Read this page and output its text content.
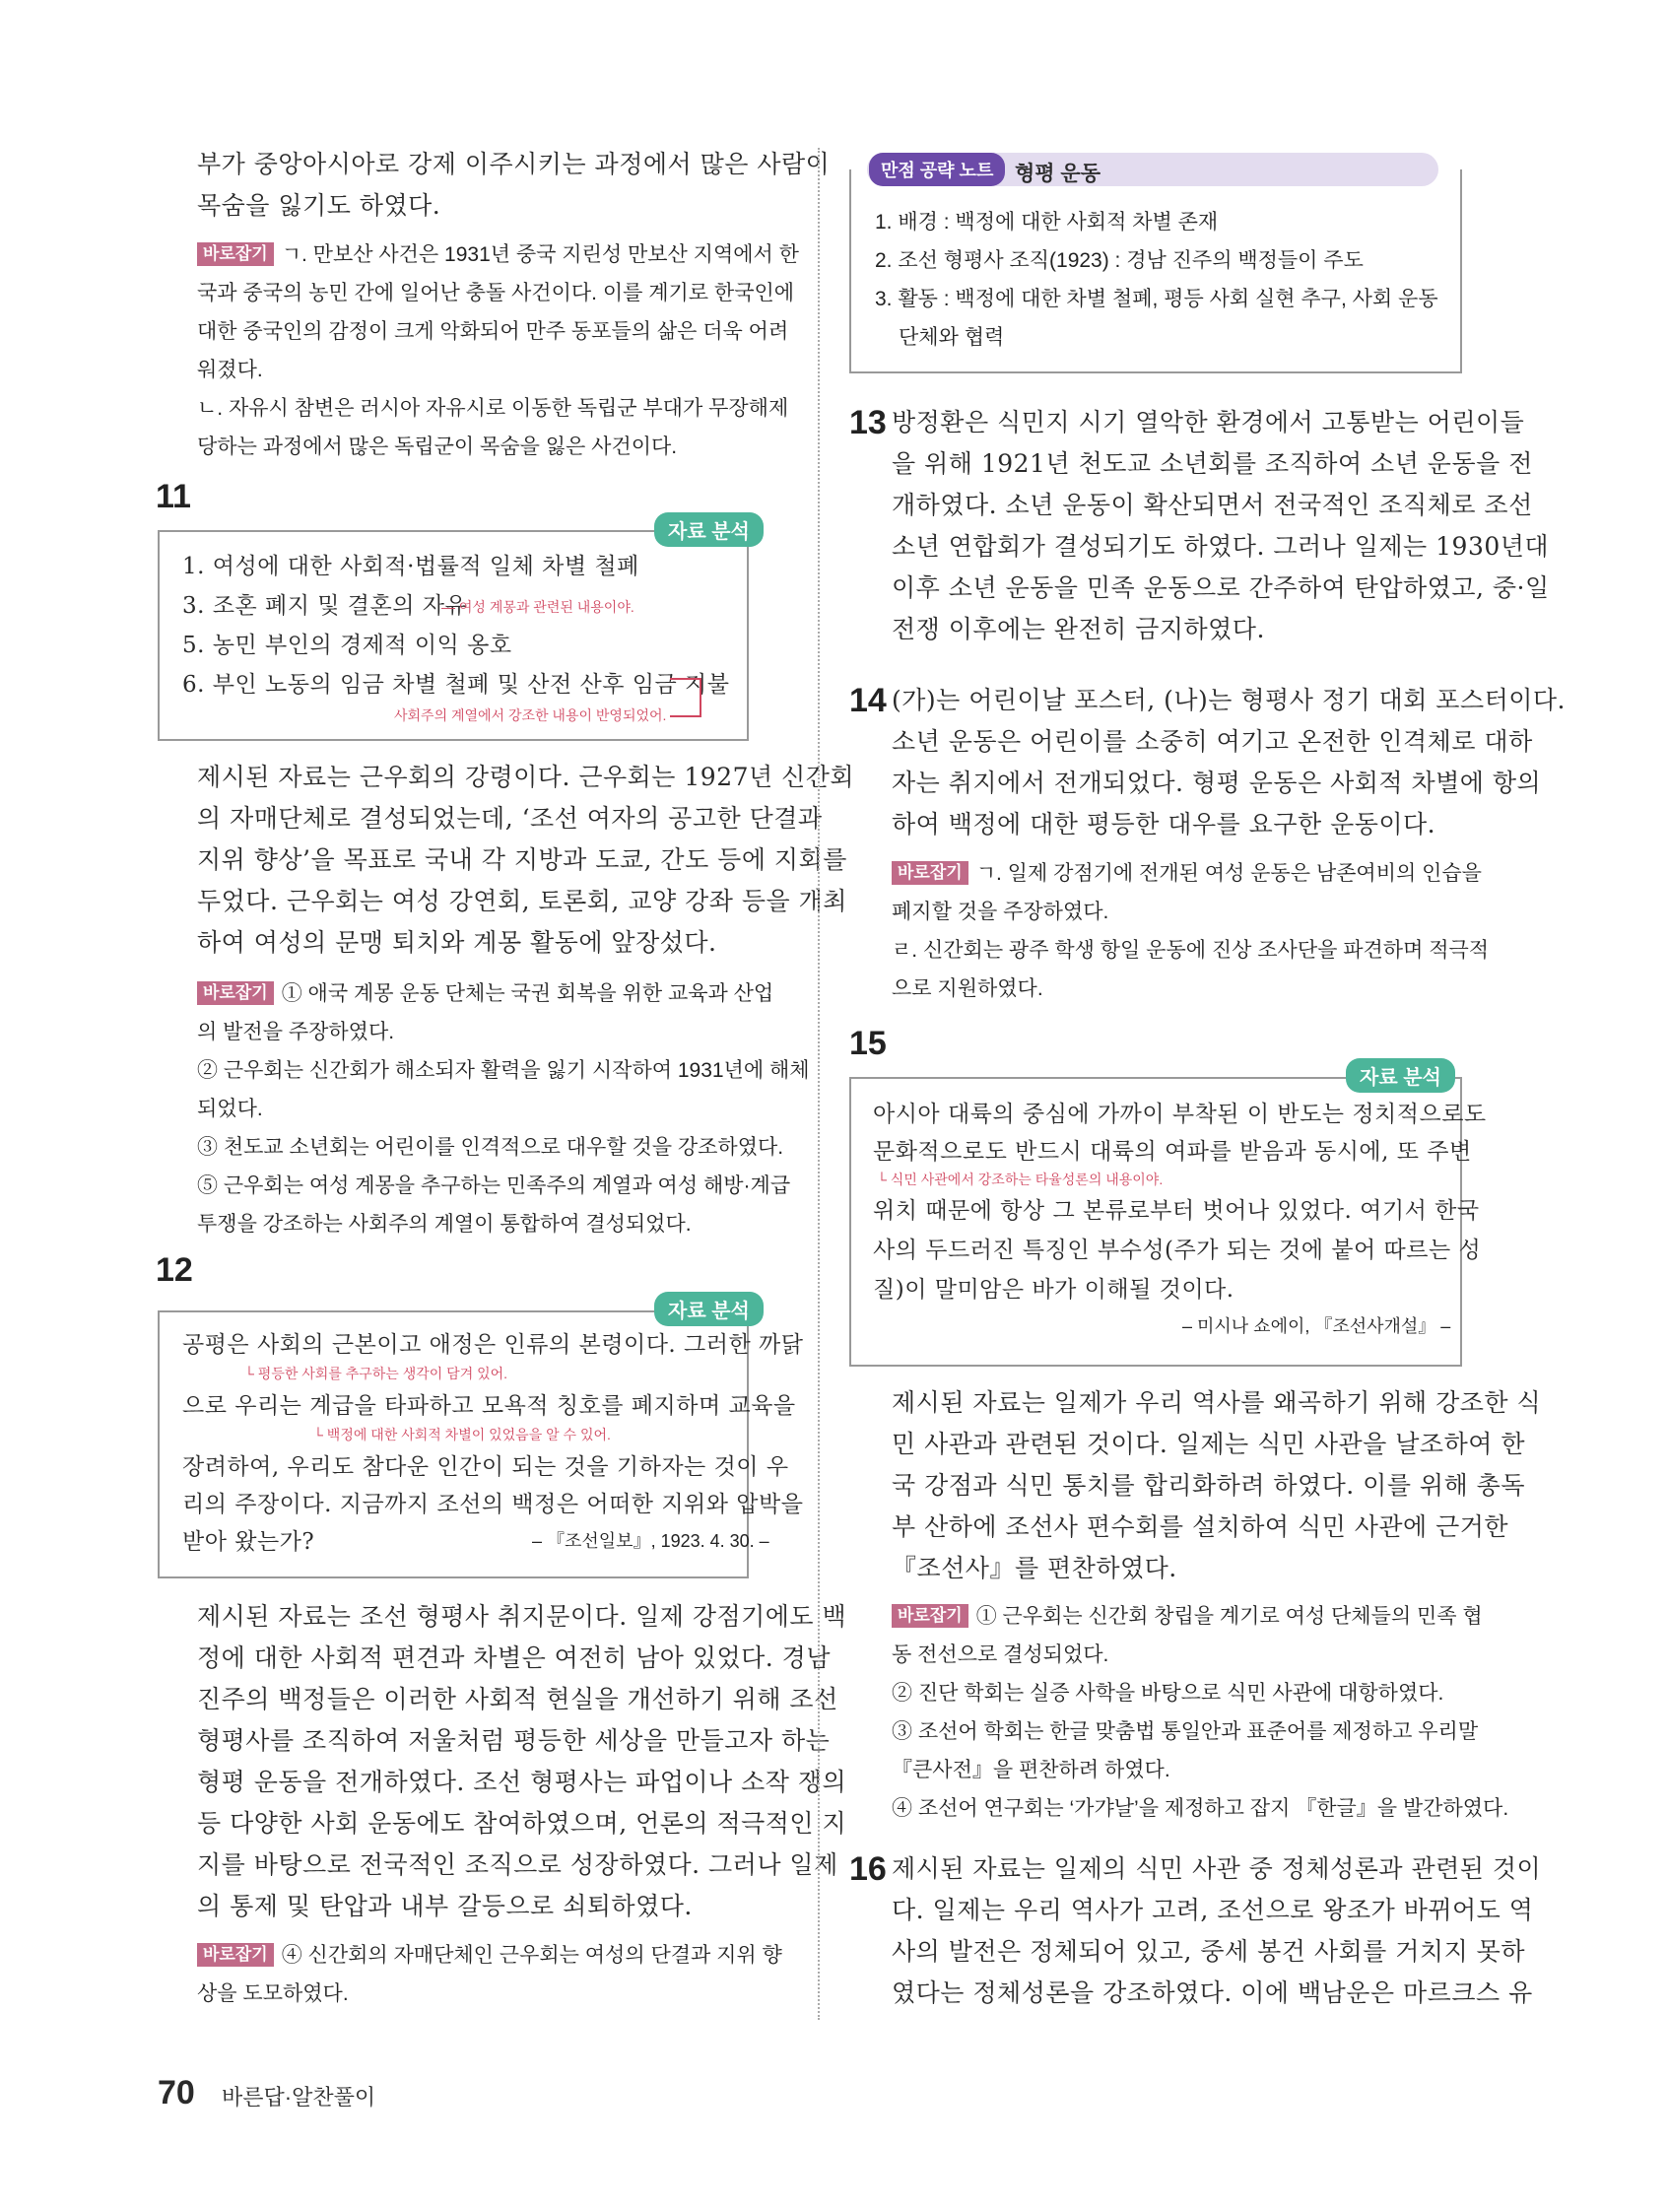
부가 중앙아시아로 강제 이주시키는 과정에서 많은 사람이
목숨을 잃기도 하였다.
바로잡기 ㄱ. 만보산 사건은 1931년 중국 지린성 만보산 지역에서 한
국과 중국의 농민 간에 일어난 충돌 사건이다. 이를 계기로 한국인에
대한 중국인의 감정이 크게 악화되어 만주 동포들의 삶은 더욱 어려
워졌다.
ㄴ. 자유시 참변은 러시아 자유시로 이동한 독립군 부대가 무장해제
당하는 과정에서 많은 독립군이 목숨을 잃은 사건이다.
11
자료 분석
1. 여성에 대한 사회적·법률적 일체 차별 철폐
3. 조혼 폐지 및 결혼의 자유
— 여성 계몽과 관련된 내용이야.
5. 농민 부인의 경제적 이익 옹호
6. 부인 노동의 임금 차별 철폐 및 산전 산후 임금 지불
사회주의 계열에서 강조한 내용이 반영되었어.
제시된 자료는 근우회의 강령이다. 근우회는 1927년 신간회
의 자매단체로 결성되었는데, ‘조선 여자의 공고한 단결과
지위 향상’을 목표로 국내 각 지방과 도쿄, 간도 등에 지회를
두었다. 근우회는 여성 강연회, 토론회, 교양 강좌 등을 개최
하여 여성의 문맹 퇴치와 계몽 활동에 앞장섰다.
바로잡기 ① 애국 계몽 운동 단체는 국권 회복을 위한 교육과 산업
의 발전을 주장하였다.
② 근우회는 신간회가 해소되자 활력을 잃기 시작하여 1931년에 해체
되었다.
③ 천도교 소년회는 어린이를 인격적으로 대우할 것을 강조하였다.
⑤ 근우회는 여성 계몽을 추구하는 민족주의 계열과 여성 해방·계급
투쟁을 강조하는 사회주의 계열이 통합하여 결성되었다.
12
자료 분석
공평은 사회의 근본이고 애정은 인류의 본령이다. 그러한 까닭
└ 평등한 사회를 추구하는 생각이 담겨 있어.
으로 우리는 계급을 타파하고 모욕적 칭호를 폐지하며 교육을
└ 백정에 대한 사회적 차별이 있었음을 알 수 있어.
장려하여, 우리도 참다운 인간이 되는 것을 기하자는 것이 우
리의 주장이다. 지금까지 조선의 백정은 어떠한 지위와 압박을
받아 왔는가?	– 『조선일보』, 1923. 4. 30. –
제시된 자료는 조선 형평사 취지문이다. 일제 강점기에도 백
정에 대한 사회적 편견과 차별은 여전히 남아 있었다. 경남
진주의 백정들은 이러한 사회적 현실을 개선하기 위해 조선
형평사를 조직하여 저울처럼 평등한 세상을 만들고자 하는
형평 운동을 전개하였다. 조선 형평사는 파업이나 소작 쟁의
등 다양한 사회 운동에도 참여하였으며, 언론의 적극적인 지
지를 바탕으로 전국적인 조직으로 성장하였다. 그러나 일제
의 통제 및 탄압과 내부 갈등으로 쇠퇴하였다.
바로잡기 ④ 신간회의 자매단체인 근우회는 여성의 단결과 지위 향
상을 도모하였다.
만점 공략 노트	형평 운동
1. 배경 : 백정에 대한 사회적 차별 존재
2. 조선 형평사 조직(1923) : 경남 진주의 백정들이 주도
3. 활동 : 백정에 대한 차별 철폐, 평등 사회 실현 추구, 사회 운동
단체와 협력
13 방정환은 식민지 시기 열악한 환경에서 고통받는 어린이들
을 위해 1921년 천도교 소년회를 조직하여 소년 운동을 전
개하였다. 소년 운동이 확산되면서 전국적인 조직체로 조선
소년 연합회가 결성되기도 하였다. 그러나 일제는 1930년대
이후 소년 운동을 민족 운동으로 간주하여 탄압하였고, 중·일
전쟁 이후에는 완전히 금지하였다.
14 (가)는 어린이날 포스터, (나)는 형평사 정기 대회 포스터이다.
소년 운동은 어린이를 소중히 여기고 온전한 인격체로 대하
자는 취지에서 전개되었다. 형평 운동은 사회적 차별에 항의
하여 백정에 대한 평등한 대우를 요구한 운동이다.
바로잡기 ㄱ. 일제 강점기에 전개된 여성 운동은 남존여비의 인습을
폐지할 것을 주장하였다.
ㄹ. 신간회는 광주 학생 항일 운동에 진상 조사단을 파견하며 적극적
으로 지원하였다.
15
자료 분석
아시아 대륙의 중심에 가까이 부착된 이 반도는 정치적으로도
문화적으로도 반드시 대륙의 여파를 받음과 동시에, 또 주변
└ 식민 사관에서 강조하는 타율성론의 내용이야.
위치 때문에 항상 그 본류로부터 벗어나 있었다. 여기서 한국
사의 두드러진 특징인 부수성(주가 되는 것에 붙어 따르는 성
질)이 말미암은 바가 이해될 것이다.
– 미시나 쇼에이, 『조선사개설』 –
제시된 자료는 일제가 우리 역사를 왜곡하기 위해 강조한 식
민 사관과 관련된 것이다. 일제는 식민 사관을 날조하여 한
국 강점과 식민 통치를 합리화하려 하였다. 이를 위해 총독
부 산하에 조선사 편수회를 설치하여 식민 사관에 근거한
『조선사』를 편찬하였다.
바로잡기 ① 근우회는 신간회 창립을 계기로 여성 단체들의 민족 협
동 전선으로 결성되었다.
② 진단 학회는 실증 사학을 바탕으로 식민 사관에 대항하였다.
③ 조선어 학회는 한글 맞춤법 통일안과 표준어를 제정하고 우리말
『큰사전』을 편찬하려 하였다.
④ 조선어 연구회는 ‘가갸날’을 제정하고 잡지 『한글』을 발간하였다.
16 제시된 자료는 일제의 식민 사관 중 정체성론과 관련된 것이
다. 일제는 우리 역사가 고려, 조선으로 왕조가 바뀌어도 역
사의 발전은 정체되어 있고, 중세 봉건 사회를 거치지 못하
였다는 정체성론을 강조하였다. 이에 백남운은 마르크스 유
70 바른답·알찬풀이
